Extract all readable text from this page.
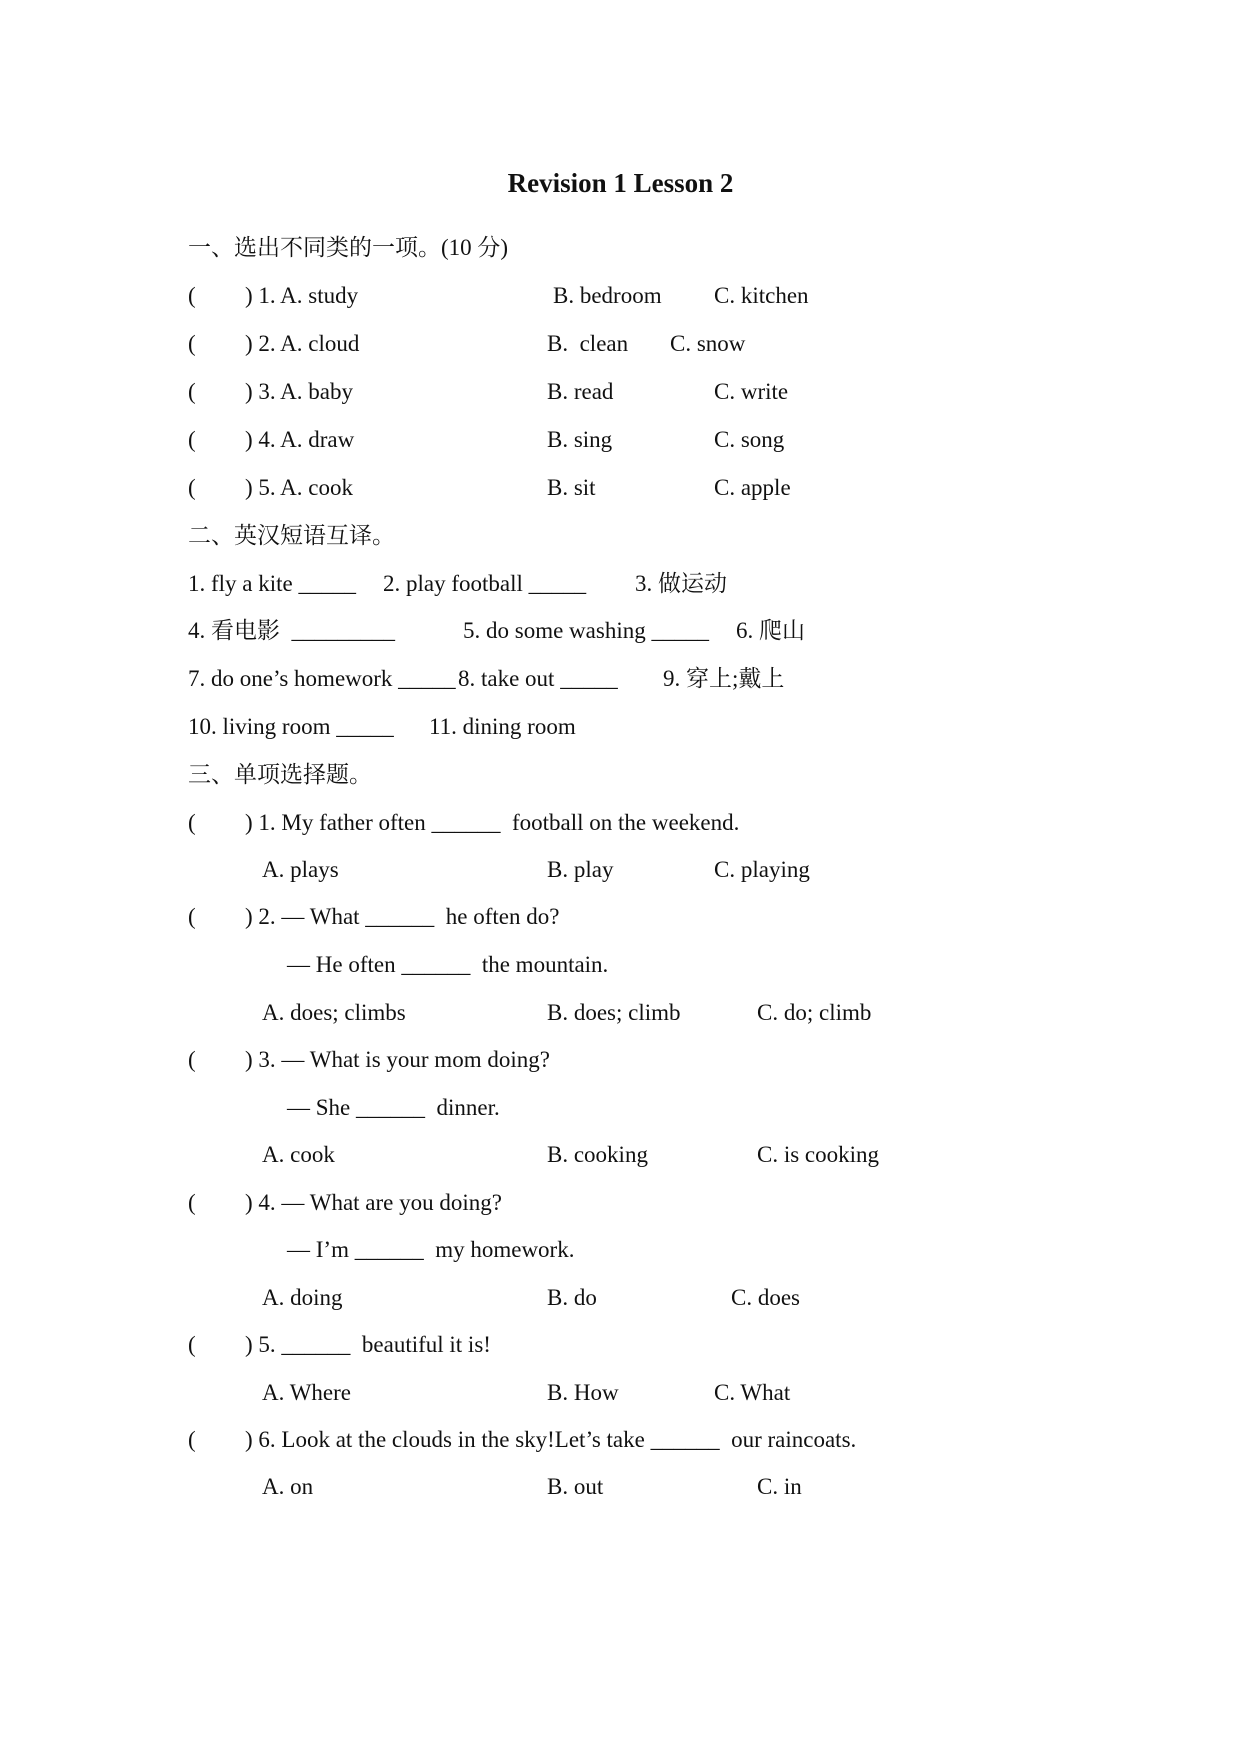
Revision 1 Lesson 2

一、选出不同类的一项。(10 分)

(

) 1. A. study

	B. bedroom

C. kitchen

(

) 2. A. cloud

	B.  clean

C. snow

(

) 3. A. baby

	B. read

	C. write

(

) 4. A. draw

	B. sing

	C. song

(

) 5. A. cook

	B. sit

	C. apple

二、英汉短语互译。

1. fly a kite _____

2. play football _____

3. 做运动

4. 看电影  _________

	5. do some washing _____

6. 爬山

7. do one’s homework _____

8. take out _____

9. 穿上;戴上

10. living room _____

11. dining room

三、单项选择题。

(

) 1. My father often ______  football on the weekend.

A. plays

	B. play

	C. playing

(

) 2. — What ______  he often do?

— He often ______  the mountain.

A. does; climbs

	B. does; climb

	C. do; climb

(

) 3. — What is your mom doing?

— She ______  dinner.

A. cook

	B. cooking

	C. is cooking

(

) 4. — What are you doing?

— I’m ______  my homework.

A. doing

	B. do

	C. does

(

) 5. ______  beautiful it is!

A. Where

	B. How

	C. What

(

) 6. Look at the clouds in the sky!Let’s take ______  our raincoats.

A. on

	B. out

	C. in
